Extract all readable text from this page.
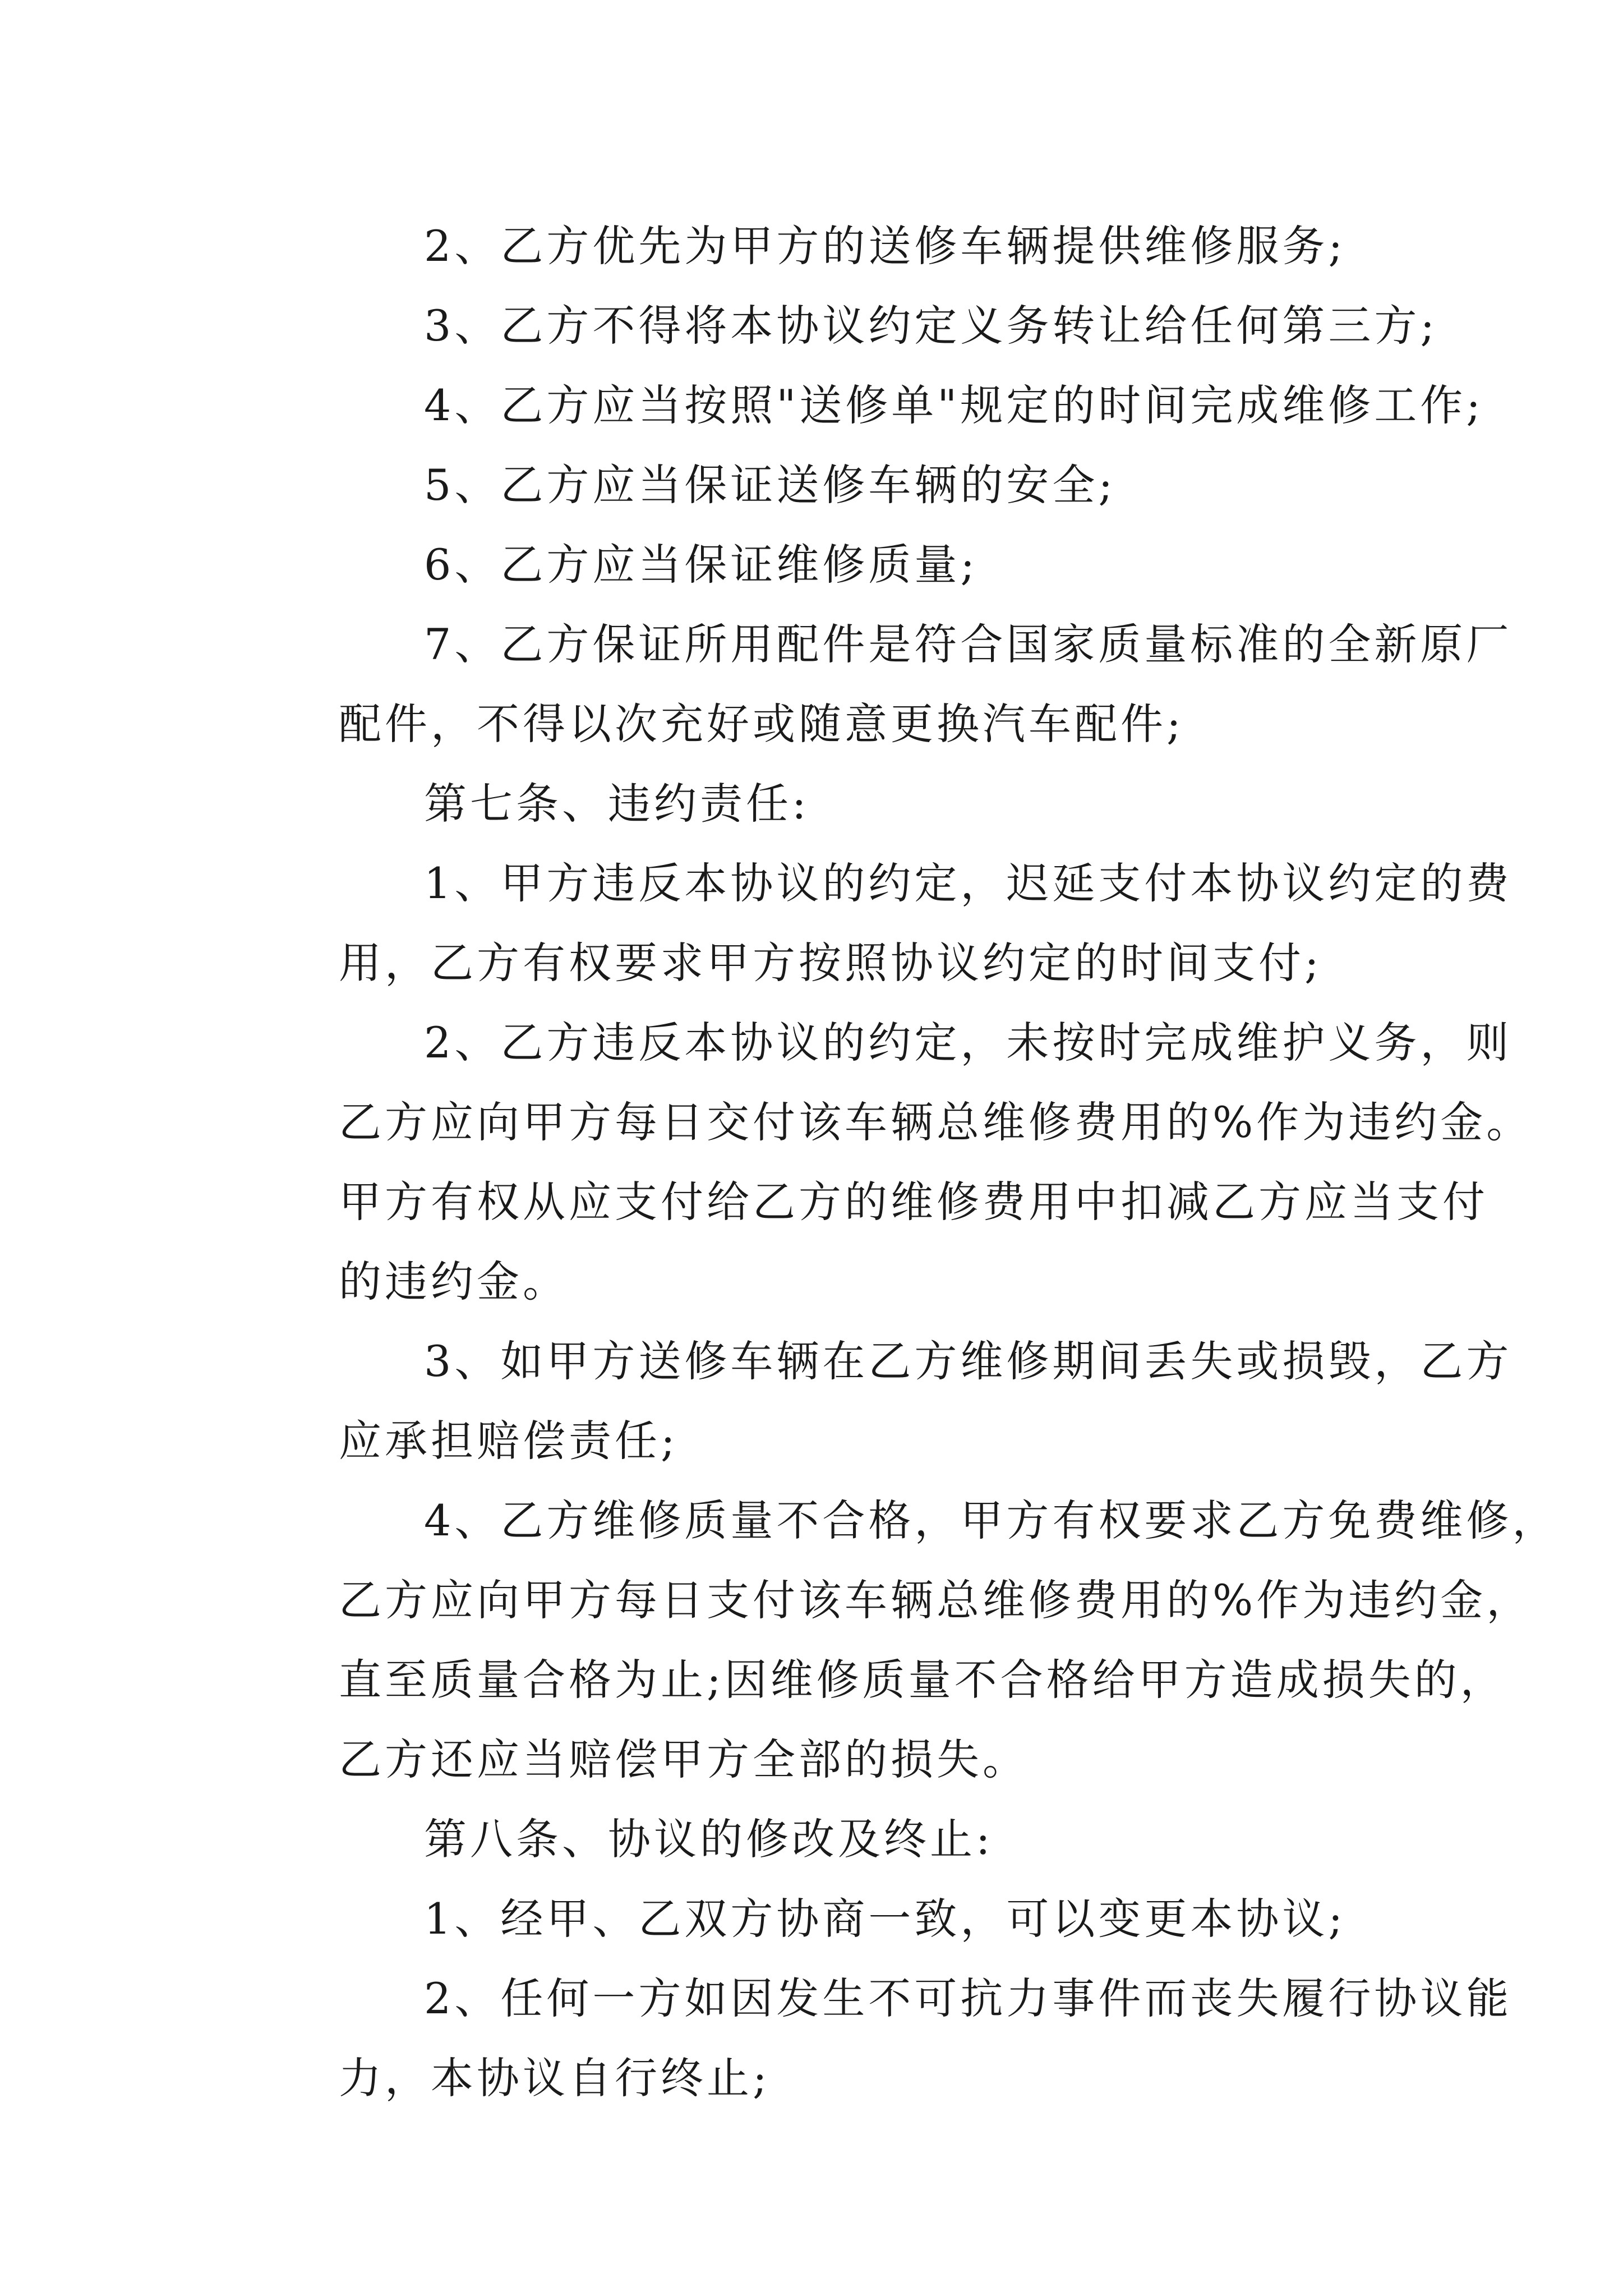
2、乙方优先为甲方的送修车辆提供维修服务;
3、乙方不得将本协议约定义务转让给任何第三方;
4、乙方应当按照"送修单"规定的时间完成维修工作;
5、乙方应当保证送修车辆的安全;
6、乙方应当保证维修质量;
7、乙方保证所用配件是符合国家质量标准的全新原厂
配件，不得以次充好或随意更换汽车配件;
第七条、违约责任:
1、甲方违反本协议的约定，迟延支付本协议约定的费
用，乙方有权要求甲方按照协议约定的时间支付;
2、乙方违反本协议的约定，未按时完成维护义务，则
乙方应向甲方每日交付该车辆总维修费用的%作为违约金。
甲方有权从应支付给乙方的维修费用中扣减乙方应当支付
的违约金。
3、如甲方送修车辆在乙方维修期间丢失或损毁，乙方
应承担赔偿责任;
4、乙方维修质量不合格，甲方有权要求乙方免费维修，
乙方应向甲方每日支付该车辆总维修费用的%作为违约金，
直至质量合格为止;因维修质量不合格给甲方造成损失的，
乙方还应当赔偿甲方全部的损失。
第八条、协议的修改及终止:
1、经甲、乙双方协商一致，可以变更本协议;
2、任何一方如因发生不可抗力事件而丧失履行协议能
力，本协议自行终止;
